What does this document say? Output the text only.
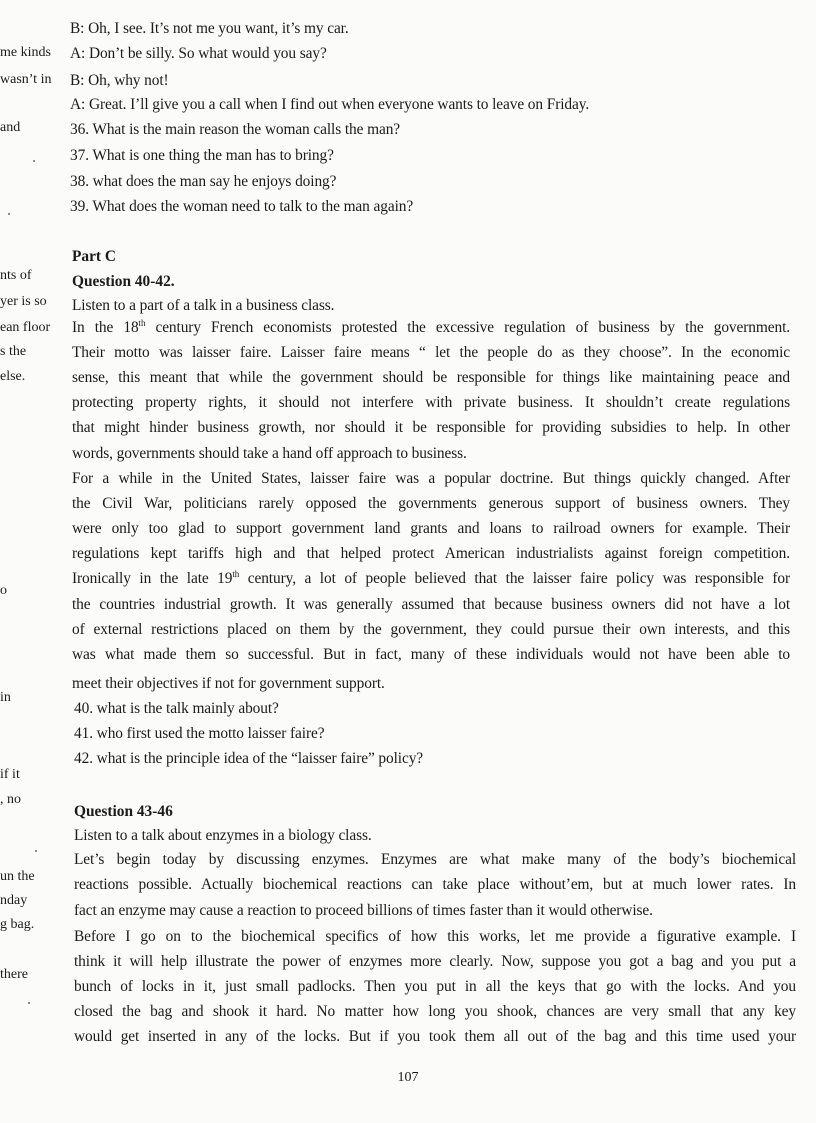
me kinds
wasn’t in
and
nts of
yer is so
ean floor
s the
else.
o
in
if it
, no
un the
nday
g bag.
there
B: Oh, I see. It’s not me you want, it’s my car.
A: Don’t be silly. So what would you say?
B: Oh, why not!
A: Great. I’ll give you a call when I find out when everyone wants to leave on Friday.
36. What is the main reason the woman calls the man?
37. What is one thing the man has to bring?
38. what does the man say he enjoys doing?
39. What does the woman need to talk to the man again?
Part C
Question 40-42.
Listen to a part of a talk in a business class.
In the 18th century French economists protested the excessive regulation of business by the government.
Their motto was laisser faire. Laisser faire means “ let the people do as they choose”. In the economic
sense, this meant that while the government should be responsible for things like maintaining peace and
protecting property rights, it should not interfere with private business. It shouldn’t create regulations
that might hinder business growth, nor should it be responsible for providing subsidies to help. In other
words, governments should take a hand off approach to business.
For a while in the United States, laisser faire was a popular doctrine. But things quickly changed. After
the Civil War, politicians rarely opposed the governments generous support of business owners. They
were only too glad to support government land grants and loans to railroad owners for example. Their
regulations kept tariffs high and that helped protect American industrialists against foreign competition.
Ironically in the late 19th century, a lot of people believed that the laisser faire policy was responsible for
the countries industrial growth. It was generally assumed that because business owners did not have a lot
of external restrictions placed on them by the government, they could pursue their own interests, and this
was what made them so successful. But in fact, many of these individuals would not have been able to
meet their objectives if not for government support.
40. what is the talk mainly about?
41. who first used the motto laisser faire?
42. what is the principle idea of the “laisser faire” policy?
Question 43-46
Listen to a talk about enzymes in a biology class.
Let’s begin today by discussing enzymes. Enzymes are what make many of the body’s biochemical
reactions possible. Actually biochemical reactions can take place without’em, but at much lower rates. In
fact an enzyme may cause a reaction to proceed billions of times faster than it would otherwise.
Before I go on to the biochemical specifics of how this works, let me provide a figurative example. I
think it will help illustrate the power of enzymes more clearly. Now, suppose you got a bag and you put a
bunch of locks in it, just small padlocks. Then you put in all the keys that go with the locks. And you
closed the bag and shook it hard. No matter how long you shook, chances are very small that any key
would get inserted in any of the locks. But if you took them all out of the bag and this time used your
107
